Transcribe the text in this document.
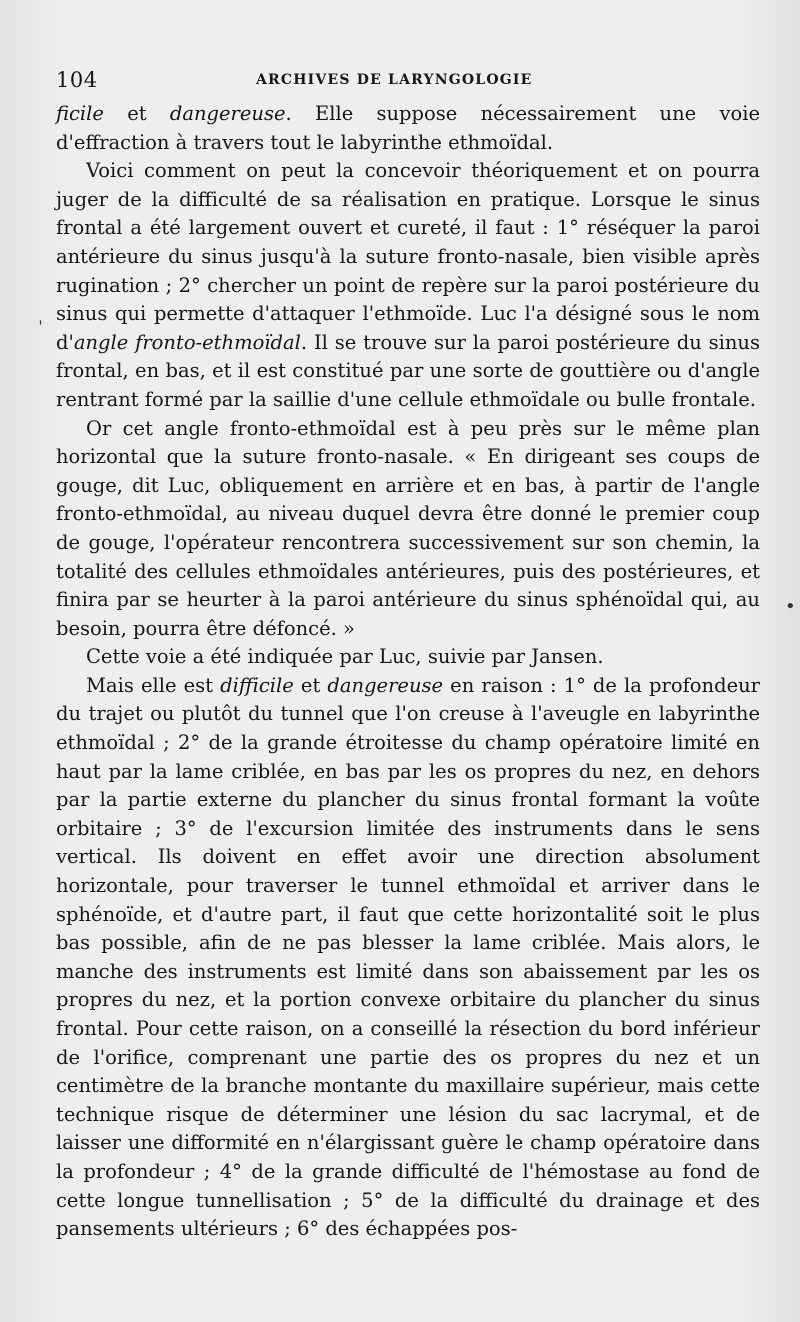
104	ARCHIVES DE LARYNGOLOGIE

ficile et dangereuse. Elle suppose nécessairement une voie d'effraction à travers tout le labyrinthe ethmoïdal.

Voici comment on peut la concevoir théoriquement et on pourra juger de la difficulté de sa réalisation en pratique. Lorsque le sinus frontal a été largement ouvert et cureté, il faut : 1° réséquer la paroi antérieure du sinus jusqu'à la suture fronto-nasale, bien visible après rugination ; 2° chercher un point de repère sur la paroi postérieure du sinus qui permette d'attaquer l'ethmoïde. Luc l'a désigné sous le nom d'angle fronto-ethmoïdal. Il se trouve sur la paroi postérieure du sinus frontal, en bas, et il est constitué par une sorte de gouttière ou d'angle rentrant formé par la saillie d'une cellule ethmoïdale ou bulle frontale.

Or cet angle fronto-ethmoïdal est à peu près sur le même plan horizontal que la suture fronto-nasale. « En dirigeant ses coups de gouge, dit Luc, obliquement en arrière et en bas, à partir de l'angle fronto-ethmoïdal, au niveau duquel devra être donné le premier coup de gouge, l'opérateur rencontrera successivement sur son chemin, la totalité des cellules ethmoïdales antérieures, puis des postérieures, et finira par se heurter à la paroi antérieure du sinus sphénoïdal qui, au besoin, pourra être défoncé. »

Cette voie a été indiquée par Luc, suivie par Jansen.

Mais elle est difficile et dangereuse en raison : 1° de la profondeur du trajet ou plutôt du tunnel que l'on creuse à l'aveugle en labyrinthe ethmoïdal ; 2° de la grande étroitesse du champ opératoire limité en haut par la lame criblée, en bas par les os propres du nez, en dehors par la partie externe du plancher du sinus frontal formant la voûte orbitaire ; 3° de l'excursion limitée des instruments dans le sens vertical. Ils doivent en effet avoir une direction absolument horizontale, pour traverser le tunnel ethmoïdal et arriver dans le sphénoïde, et d'autre part, il faut que cette horizontalité soit le plus bas possible, afin de ne pas blesser la lame criblée. Mais alors, le manche des instruments est limité dans son abaissement par les os propres du nez, et la portion convexe orbitaire du plancher du sinus frontal. Pour cette raison, on a conseillé la résection du bord inférieur de l'orifice, comprenant une partie des os propres du nez et un centimètre de la branche montante du maxillaire supérieur, mais cette technique risque de déterminer une lésion du sac lacrymal, et de laisser une difformité en n'élargissant guère le champ opératoire dans la profondeur ; 4° de la grande difficulté de l'hémostase au fond de cette longue tunnellisation ; 5° de la difficulté du drainage et des pansements ultérieurs ; 6° des échappées pos-

ˈ
•
